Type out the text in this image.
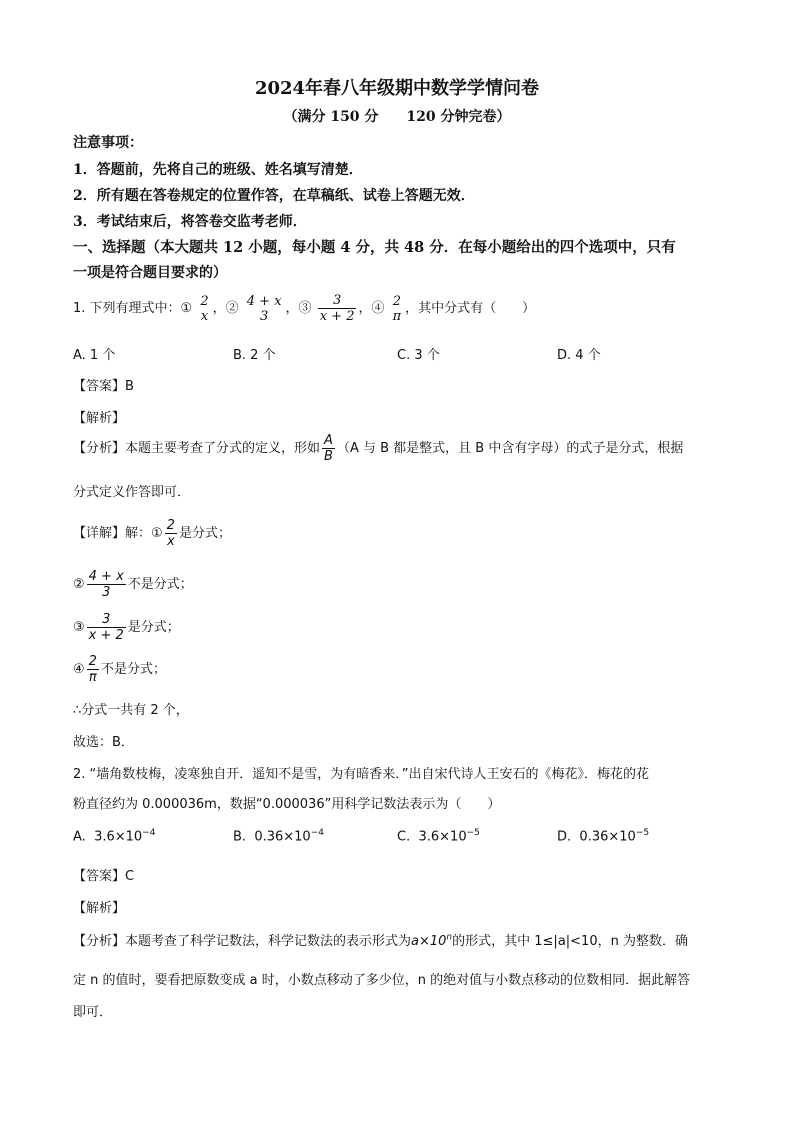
2024年春八年级期中数学学情问卷
（满分 150 分　　120 分钟完卷）
注意事项：
1．答题前，先将自己的班级、姓名填写清楚．
2．所有题在答卷规定的位置作答，在草稿纸、试卷上答题无效．
3．考试结束后，将答卷交监考老师．
一、选择题（本大题共 12 小题，每小题 4 分，共 48 分．在每小题给出的四个选项中，只有
一项是符合题目要求的）
1. 下列有理式中：① 2
x ，② 4 + x
3	，③ $\frac{3}{x + 2}$ ，④ 2
π ，其中分式有（　　）
A. 1 个	B. 2 个	C. 3 个	D. 4 个
【答案】B
【解析】
【分析】本题主要考查了分式的定义，形如 $\frac{A}{B} (A$ 与 B 都是整式，且 B 中含有字母）的式子是分式，根据
分式定义作答即可．
【详解】解：① $\frac{2}{x}$ 是分式；
② $\frac{4 + x}{3}$ 不是分式；
③ $\frac{3}{x + 2}$ 是分式；
④ $\frac{2}{\pi}$ 不是分式；
∴分式一共有 2 个，
故选：B．
2. “墙角数枝梅，凌寒独自开．遥知不是雪，为有暗香来．”出自宋代诗人王安石的《梅花》．梅花的花
粉直径约为 0.000036m，数据“0.000036”用科学记数法表示为（　　）
A. $3.6\times 10^{-4}$	B. $0.36\times 10^{-4}$	C. $3.6\times 10^{-5}$	D. $0.36\times 10^{-5}$
【答案】C
【解析】
【分析】本题考查了科学记数法，科学记数法的表示形式为$a\times 10^n$的形式，其中 1≤|a|<10，n 为整数．确
定 n 的值时，要看把原数变成 a 时，小数点移动了多少位，n 的绝对值与小数点移动的位数相同．据此解答
即可．
